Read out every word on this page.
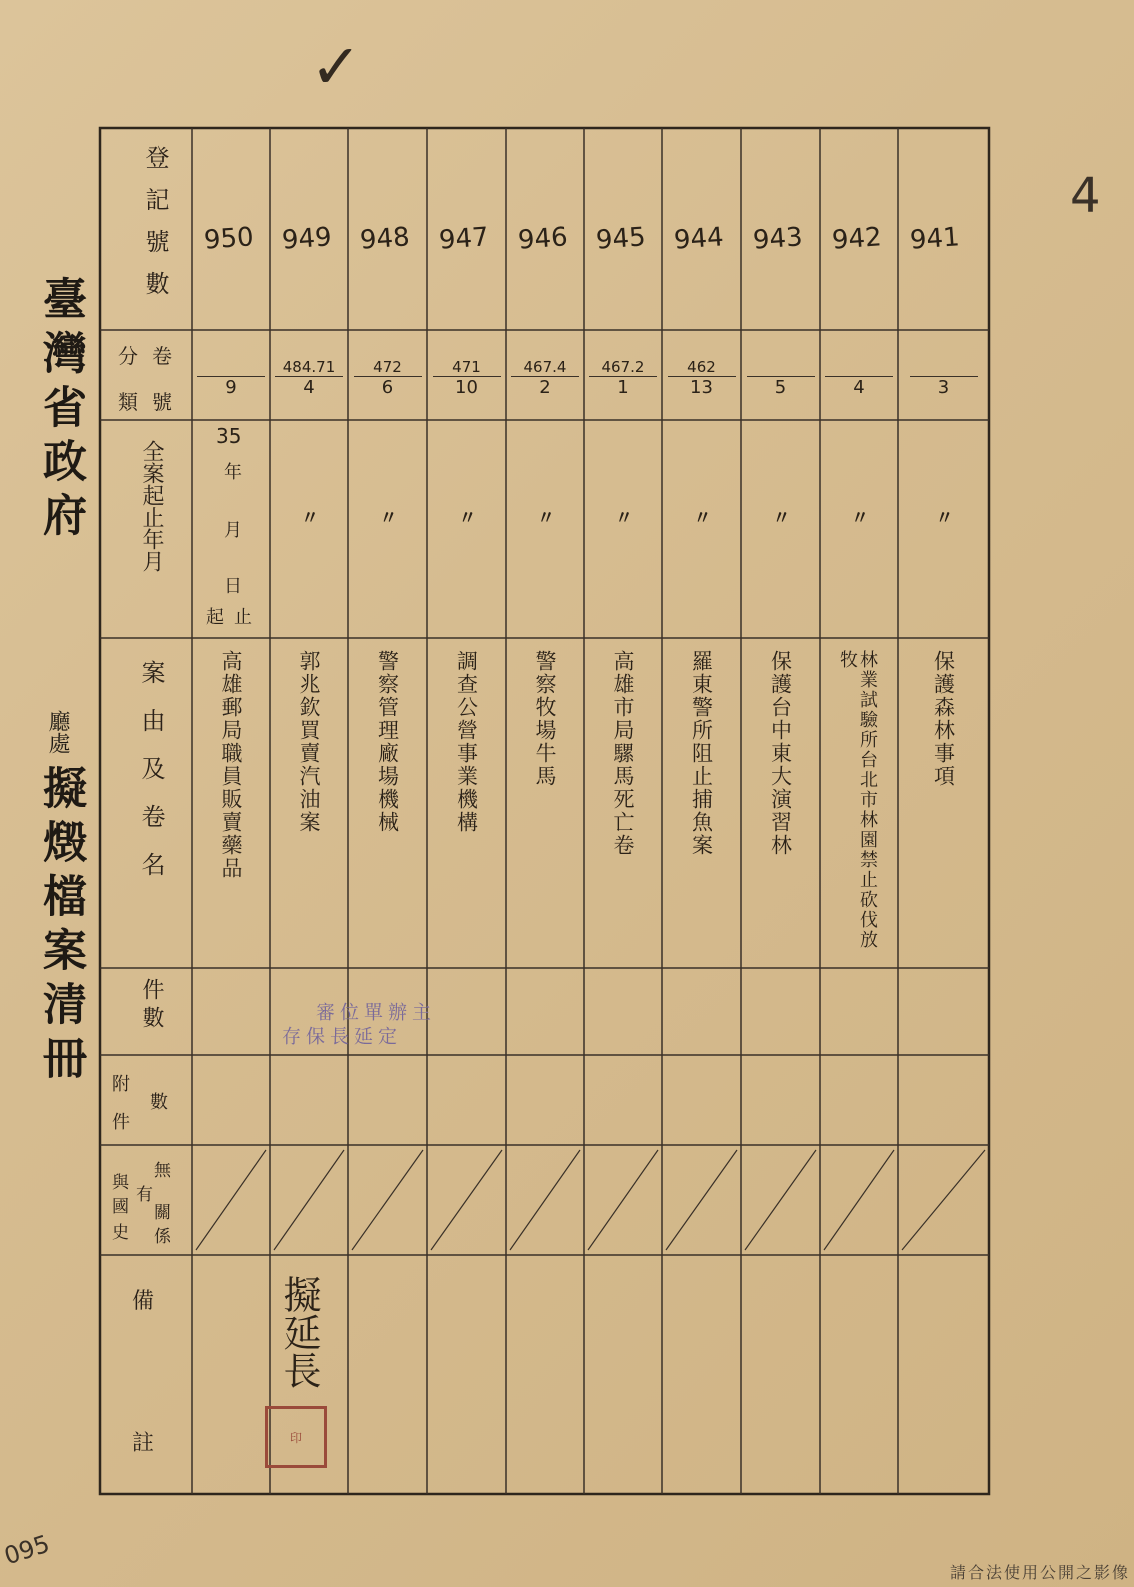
✓
4
095
臺灣省政府
廳處
擬燬檔案清冊
登記號數
分卷
類號
全案起止年月
案由及卷名
件數
附
數
件
無
與
有
關
國
係
史
備
註
35
年
月
日
起止
950
9
高雄郵局職員販賣藥品
949
484.71
4
〃
郭兆欽買賣汽油案
948
472
6
〃
警察管理廠場機械
947
471
10
〃
調查公營事業機構
946
467.4
2
〃
警察牧場牛馬
945
467.2
1
〃
高雄市局騾馬死亡卷
944
462
13
〃
羅東警所阻止捕魚案
943
5
〃
保護台中東大演習林
942
4
〃
林業試驗所台北市林園禁止砍伐放牧
941
3
〃
保護森林事項
主辦單位審
定延長保存
擬延長
印
請合法使用公開之影像
